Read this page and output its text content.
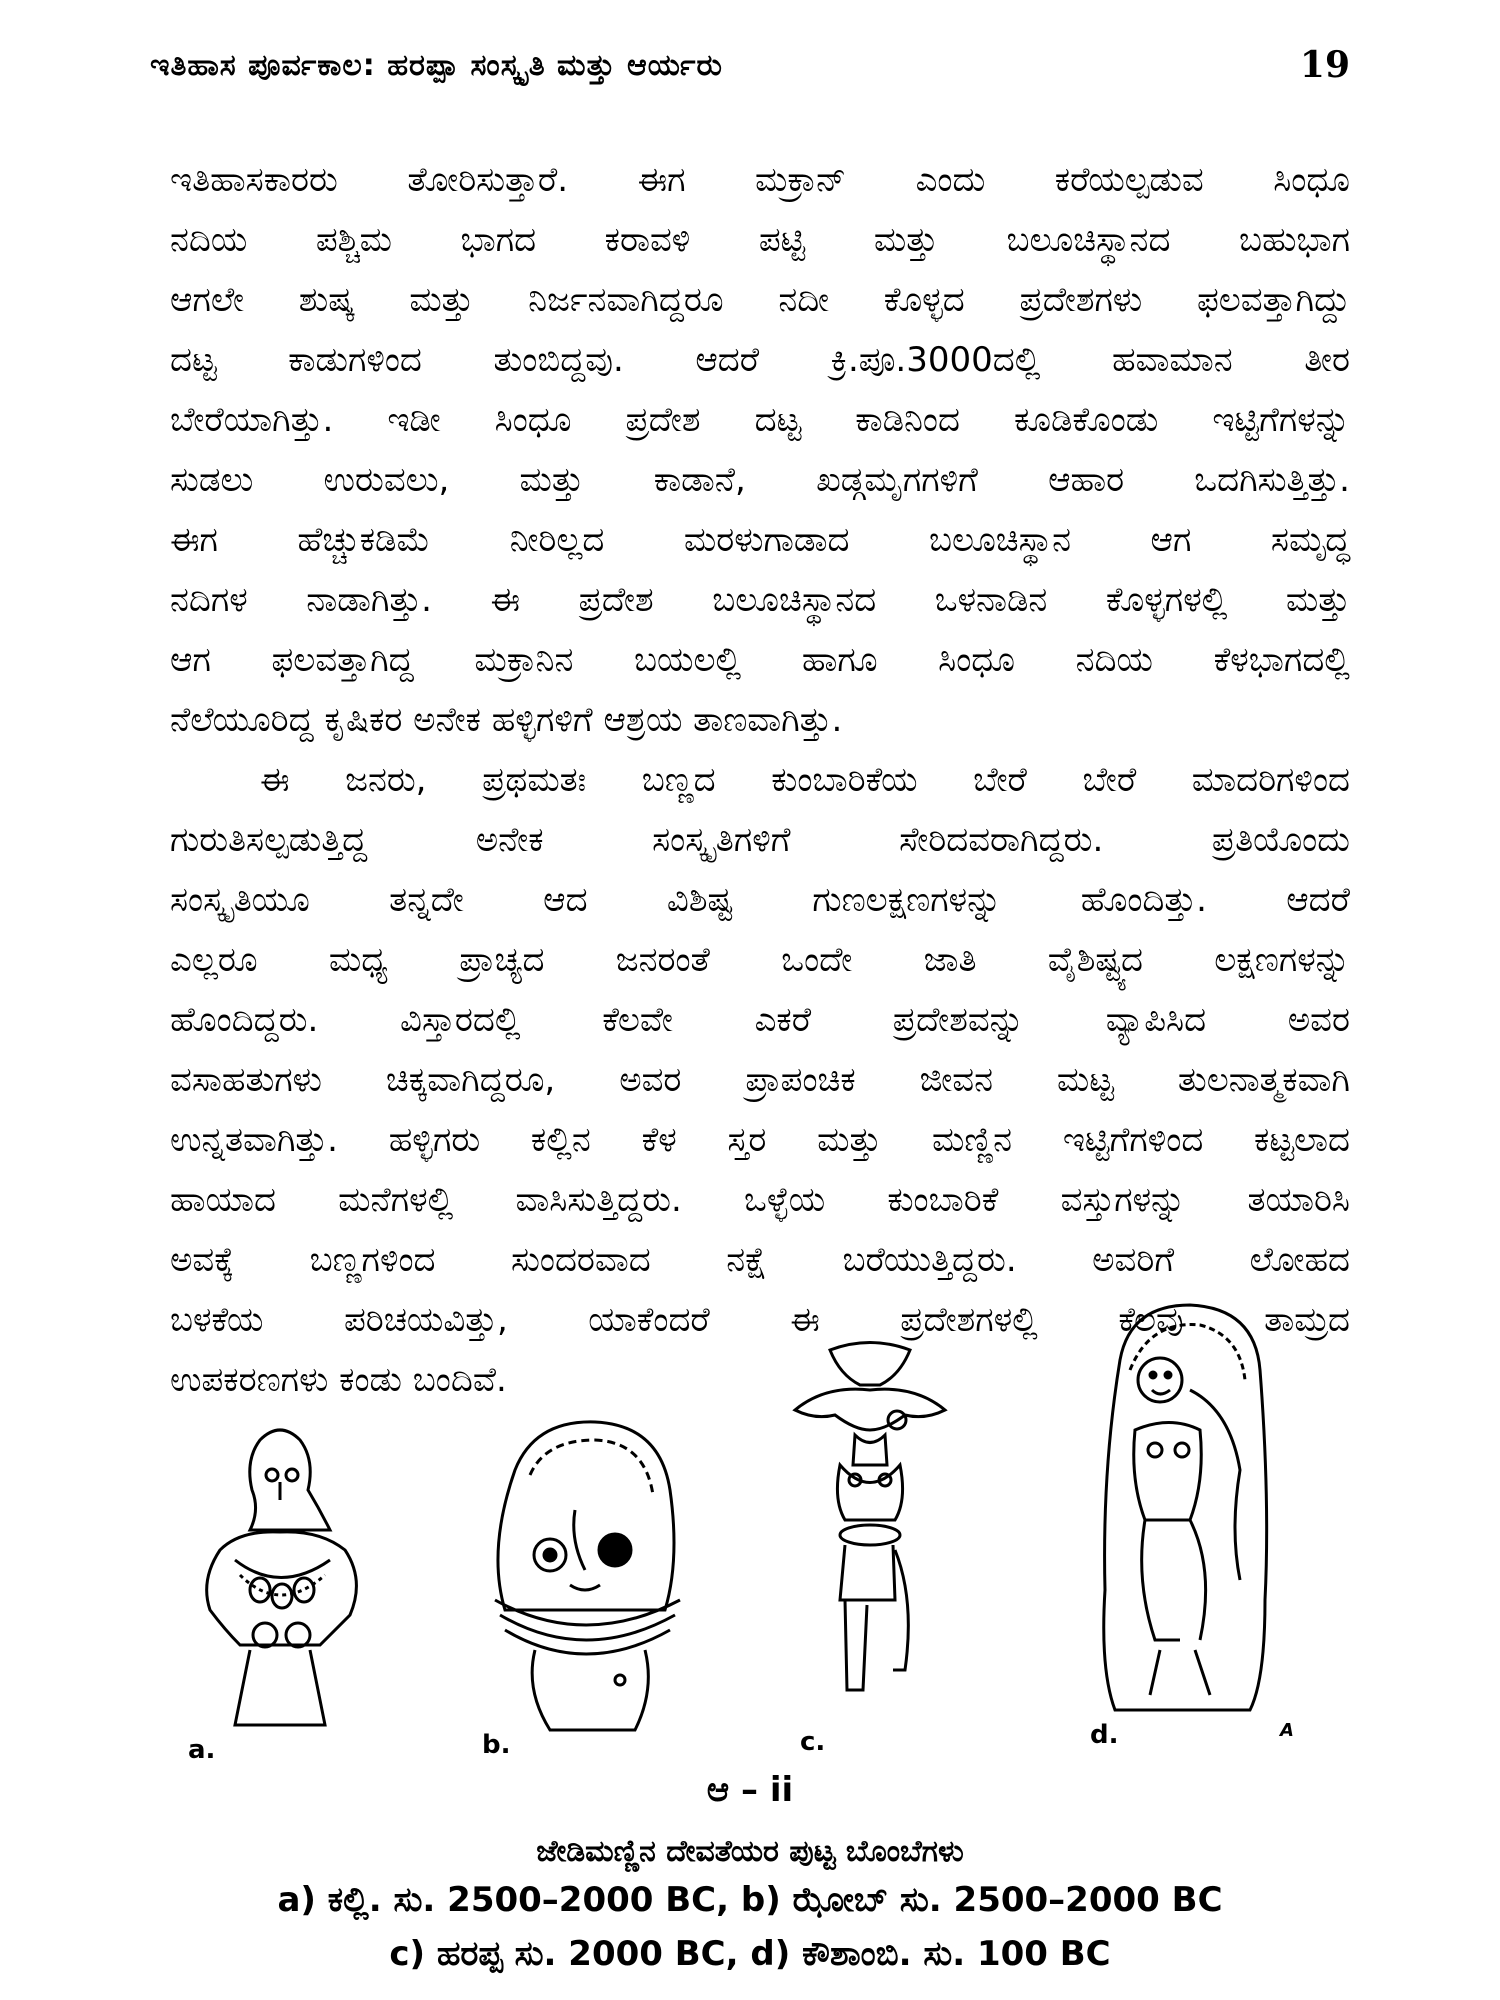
ಇತಿಹಾಸ ಪೂರ್ವಕಾಲ: ಹರಪ್ಪಾ ಸಂಸ್ಕೃತಿ ಮತ್ತು ಆರ್ಯರು	19
ಇತಿಹಾಸಕಾರರು ತೋರಿಸುತ್ತಾರೆ. ಈಗ ಮಕ್ರಾನ್ ಎಂದು ಕರೆಯಲ್ಪಡುವ ಸಿಂಧೂ
ನದಿಯ ಪಶ್ಚಿಮ ಭಾಗದ ಕರಾವಳಿ ಪಟ್ಟಿ ಮತ್ತು ಬಲೂಚಿಸ್ಥಾನದ ಬಹುಭಾಗ
ಆಗಲೇ ಶುಷ್ಕ ಮತ್ತು ನಿರ್ಜನವಾಗಿದ್ದರೂ ನದೀ ಕೊಳ್ಳದ ಪ್ರದೇಶಗಳು ಫಲವತ್ತಾಗಿದ್ದು
ದಟ್ಟ ಕಾಡುಗಳಿಂದ ತುಂಬಿದ್ದವು. ಆದರೆ ಕ್ರಿ.ಪೂ.3000ದಲ್ಲಿ ಹವಾಮಾನ ತೀರ
ಬೇರೆಯಾಗಿತ್ತು. ಇಡೀ ಸಿಂಧೂ ಪ್ರದೇಶ ದಟ್ಟ ಕಾಡಿನಿಂದ ಕೂಡಿಕೊಂಡು ಇಟ್ಟಿಗೆಗಳನ್ನು
ಸುಡಲು ಉರುವಲು, ಮತ್ತು ಕಾಡಾನೆ, ಖಡ್ಗಮೃಗಗಳಿಗೆ ಆಹಾರ ಒದಗಿಸುತ್ತಿತ್ತು.
ಈಗ ಹೆಚ್ಚುಕಡಿಮೆ ನೀರಿಲ್ಲದ ಮರಳುಗಾಡಾದ ಬಲೂಚಿಸ್ಥಾನ ಆಗ ಸಮೃದ್ಧ
ನದಿಗಳ ನಾಡಾಗಿತ್ತು. ಈ ಪ್ರದೇಶ ಬಲೂಚಿಸ್ಥಾನದ ಒಳನಾಡಿನ ಕೊಳ್ಳಗಳಲ್ಲಿ ಮತ್ತು
ಆಗ ಫಲವತ್ತಾಗಿದ್ದ ಮಕ್ರಾನಿನ ಬಯಲಲ್ಲಿ ಹಾಗೂ ಸಿಂಧೂ ನದಿಯ ಕೆಳಭಾಗದಲ್ಲಿ
ನೆಲೆಯೂರಿದ್ದ ಕೃಷಿಕರ ಅನೇಕ ಹಳ್ಳಿಗಳಿಗೆ ಆಶ್ರಯ ತಾಣವಾಗಿತ್ತು.
ಈ ಜನರು, ಪ್ರಥಮತಃ ಬಣ್ಣದ ಕುಂಬಾರಿಕೆಯ ಬೇರೆ ಬೇರೆ ಮಾದರಿಗಳಿಂದ
ಗುರುತಿಸಲ್ಪಡುತ್ತಿದ್ದ ಅನೇಕ ಸಂಸ್ಕೃತಿಗಳಿಗೆ ಸೇರಿದವರಾಗಿದ್ದರು. ಪ್ರತಿಯೊಂದು
ಸಂಸ್ಕೃತಿಯೂ ತನ್ನದೇ ಆದ ವಿಶಿಷ್ಟ ಗುಣಲಕ್ಷಣಗಳನ್ನು ಹೊಂದಿತ್ತು. ಆದರೆ
ಎಲ್ಲರೂ ಮಧ್ಯ ಪ್ರಾಚ್ಯದ ಜನರಂತೆ ಒಂದೇ ಜಾತಿ ವೈಶಿಷ್ಟ್ಯದ ಲಕ್ಷಣಗಳನ್ನು
ಹೊಂದಿದ್ದರು. ವಿಸ್ತಾರದಲ್ಲಿ ಕೆಲವೇ ಎಕರೆ ಪ್ರದೇಶವನ್ನು ವ್ಯಾಪಿಸಿದ ಅವರ
ವಸಾಹತುಗಳು ಚಿಕ್ಕವಾಗಿದ್ದರೂ, ಅವರ ಪ್ರಾಪಂಚಿಕ ಜೀವನ ಮಟ್ಟ ತುಲನಾತ್ಮಕವಾಗಿ
ಉನ್ನತವಾಗಿತ್ತು. ಹಳ್ಳಿಗರು ಕಲ್ಲಿನ ಕೆಳ ಸ್ತರ ಮತ್ತು ಮಣ್ಣಿನ ಇಟ್ಟಿಗೆಗಳಿಂದ ಕಟ್ಟಲಾದ
ಹಾಯಾದ ಮನೆಗಳಲ್ಲಿ ವಾಸಿಸುತ್ತಿದ್ದರು. ಒಳ್ಳೆಯ ಕುಂಬಾರಿಕೆ ವಸ್ತುಗಳನ್ನು ತಯಾರಿಸಿ
ಅವಕ್ಕೆ ಬಣ್ಣಗಳಿಂದ ಸುಂದರವಾದ ನಕ್ಷೆ ಬರೆಯುತ್ತಿದ್ದರು. ಅವರಿಗೆ ಲೋಹದ
ಬಳಕೆಯ ಪರಿಚಯವಿತ್ತು, ಯಾಕೆಂದರೆ ಈ ಪ್ರದೇಶಗಳಲ್ಲಿ ಕೆಲವು ತಾಮ್ರದ
ಉಪಕರಣಗಳು ಕಂಡು ಬಂದಿವೆ.
a.	b.	c.	d.	A
ಆ – ii
ಜೇಡಿಮಣ್ಣಿನ ದೇವತೆಯರ ಪುಟ್ಟ ಬೊಂಬೆಗಳು
a) ಕಲ್ಲಿ. ಸು. 2500–2000 BC, b) ಝೋಬ್ ಸು. 2500–2000 BC
c) ಹರಪ್ಪ ಸು. 2000 BC, d) ಕೌಶಾಂಬಿ. ಸು. 100 BC
